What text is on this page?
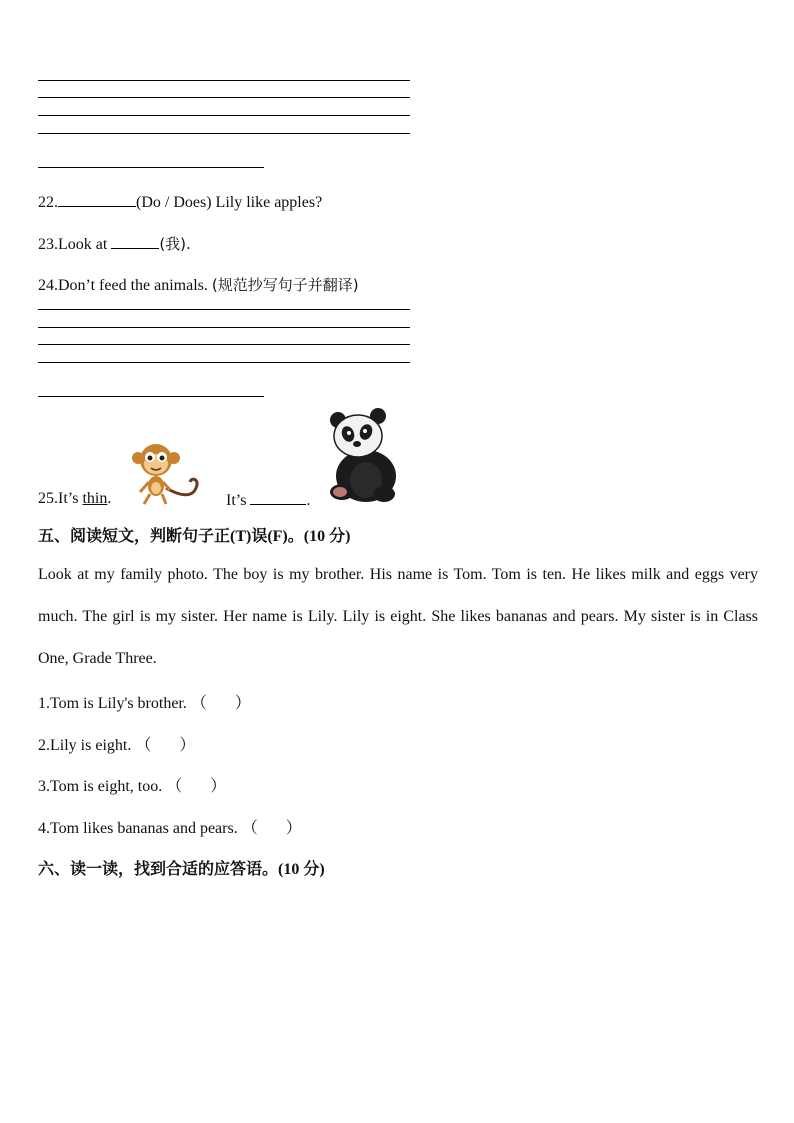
22.	(Do / Does) Lily like apples?
23.Look at	(我).
24.Don’t feed the animals. (规范抄写句子并翻译)
25.It’s thin.	It’s	.
五、阅读短文，判断句子正(T)误(F)。(10 分)
Look at my family photo. The boy is my brother. His name is Tom. Tom is ten. He likes milk and eggs very much. The girl is my sister. Her name is Lily. Lily is eight. She likes bananas and pears. My sister is in Class One, Grade Three.
1.Tom is Lily's brother. （ ）
2.Lily is eight. （ ）
3.Tom is eight, too. （ ）
4.Tom likes bananas and pears. （ ）
六、读一读，找到合适的应答语。(10 分)
